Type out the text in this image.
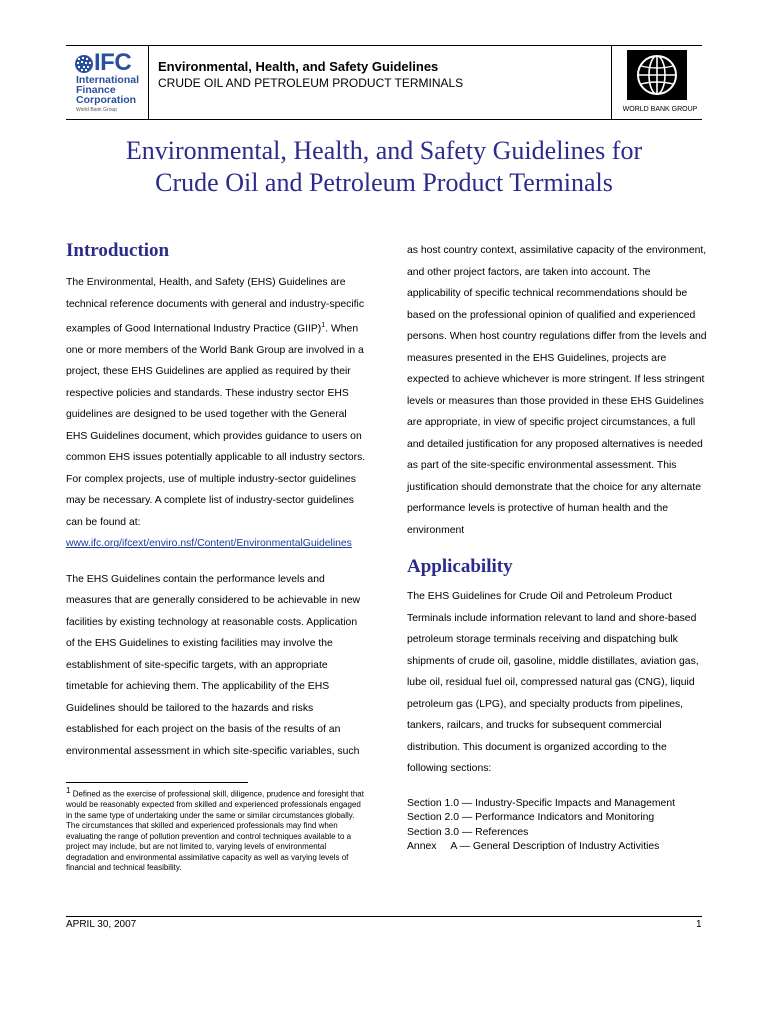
IFC
International
Finance
Corporation
World Bank Group
Environmental, Health, and Safety Guidelines
CRUDE OIL AND PETROLEUM PRODUCT TERMINALS
WORLD BANK GROUP
Environmental, Health, and Safety Guidelines for
Crude Oil and Petroleum Product Terminals
Introduction

The Environmental, Health, and Safety (EHS) Guidelines are technical reference documents with general and industry-specific examples of Good International Industry Practice (GIIP)$^1$. When one or more members of the World Bank Group are involved in a project, these EHS Guidelines are applied as required by their respective policies and standards. These industry sector EHS guidelines are designed to be used together with the General EHS Guidelines document, which provides guidance to users on common EHS issues potentially applicable to all industry sectors. For complex projects, use of multiple industry-sector guidelines may be necessary. A complete list of industry-sector guidelines can be found at:
www.ifc.org/ifcext/enviro.nsf/Content/EnvironmentalGuidelines

The EHS Guidelines contain the performance levels and measures that are generally considered to be achievable in new facilities by existing technology at reasonable costs. Application of the EHS Guidelines to existing facilities may involve the establishment of site-specific targets, with an appropriate timetable for achieving them. The applicability of the EHS Guidelines should be tailored to the hazards and risks established for each project on the basis of the results of an environmental assessment in which site-specific variables, such

as host country context, assimilative capacity of the environment, and other project factors, are taken into account. The applicability of specific technical recommendations should be based on the professional opinion of qualified and experienced persons. When host country regulations differ from the levels and measures presented in the EHS Guidelines, projects are expected to achieve whichever is more stringent. If less stringent levels or measures than those provided in these EHS Guidelines are appropriate, in view of specific project circumstances, a full and detailed justification for any proposed alternatives is needed as part of the site-specific environmental assessment. This justification should demonstrate that the choice for any alternate performance levels is protective of human health and the environment

Applicability

The EHS Guidelines for Crude Oil and Petroleum Product Terminals include information relevant to land and shore-based petroleum storage terminals receiving and dispatching bulk shipments of crude oil, gasoline, middle distillates, aviation gas, lube oil, residual fuel oil, compressed natural gas (CNG), liquid petroleum gas (LPG), and specialty products from pipelines, tankers, railcars, and trucks for subsequent commercial distribution. This document is organized according to the following sections:

Section 1.0 — Industry-Specific Impacts and Management
Section 2.0 — Performance Indicators and Monitoring
Section 3.0 — References
Annex     A — General Description of Industry Activities
$^1$ Defined as the exercise of professional skill, diligence, prudence and foresight that would be reasonably expected from skilled and experienced professionals engaged in the same type of undertaking under the same or similar circumstances globally. The circumstances that skilled and experienced professionals may find when evaluating the range of pollution prevention and control techniques available to a project may include, but are not limited to, varying levels of environmental degradation and environmental assimilative capacity as well as varying levels of financial and technical feasibility.
APRIL 30, 2007	1
